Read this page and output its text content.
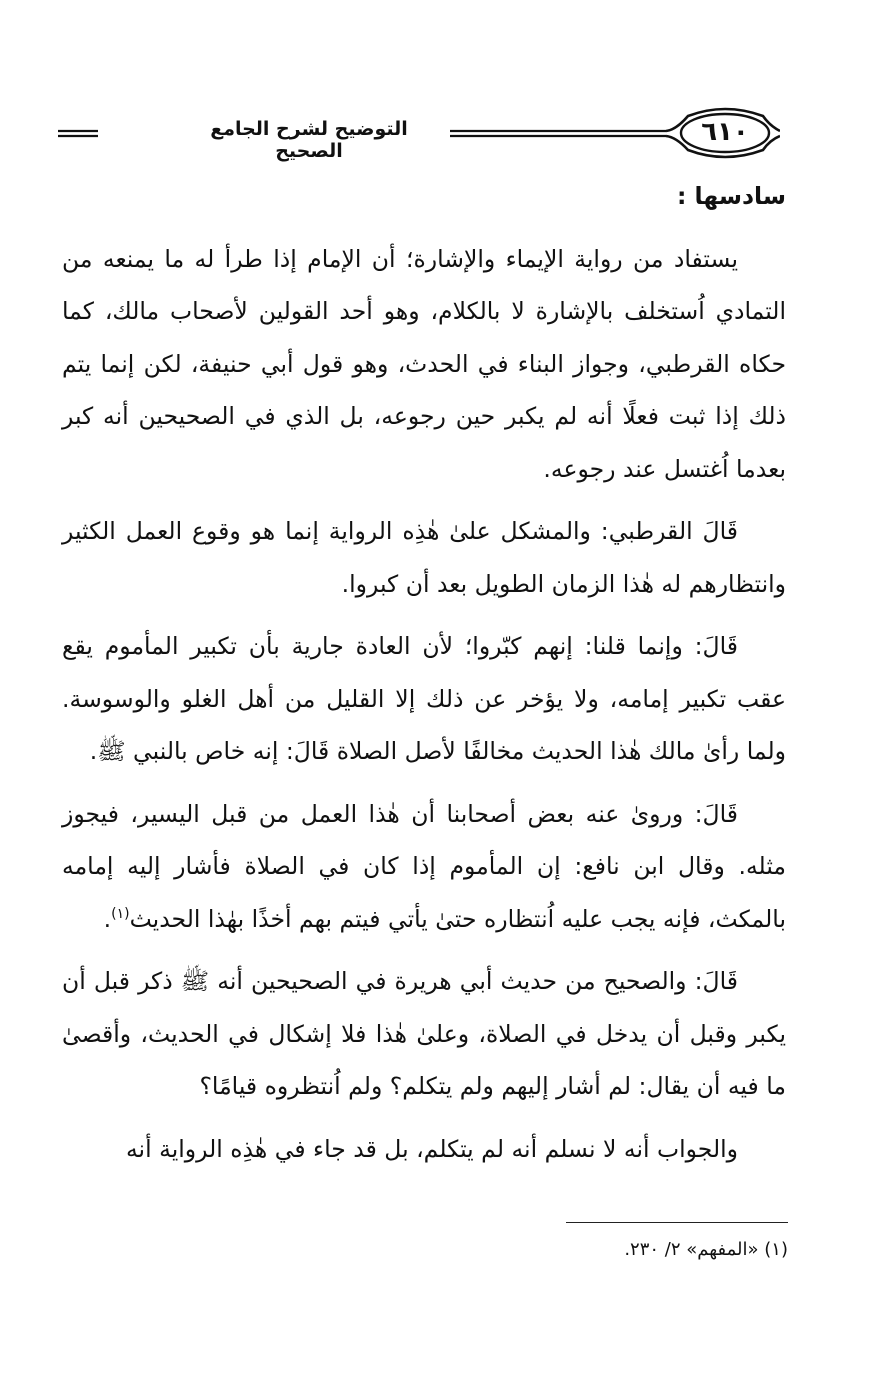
التوضيح لشرح الجامع الصحيح
٦١٠
سادسها :

يستفاد من رواية الإيماء والإشارة؛ أن الإمام إذا طرأ له ما يمنعه من التمادي اُستخلف بالإشارة لا بالكلام، وهو أحد القولين لأصحاب مالك، كما حكاه القرطبي، وجواز البناء في الحدث، وهو قول أبي حنيفة، لكن إنما يتم ذلك إذا ثبت فعلًا أنه لم يكبر حين رجوعه، بل الذي في الصحيحين أنه كبر بعدما اُغتسل عند رجوعه.

قَالَ القرطبي: والمشكل علىٰ هٰذِه الرواية إنما هو وقوع العمل الكثير وانتظارهم له هٰذا الزمان الطويل بعد أن كبروا.

قَالَ: وإنما قلنا: إنهم كبّروا؛ لأن العادة جارية بأن تكبير المأموم يقع عقب تكبير إمامه، ولا يؤخر عن ذلك إلا القليل من أهل الغلو والوسوسة. ولما رأىٰ مالك هٰذا الحديث مخالفًا لأصل الصلاة قَالَ: إنه خاص بالنبي ﷺ.

قَالَ: وروىٰ عنه بعض أصحابنا أن هٰذا العمل من قبل اليسير، فيجوز مثله. وقال ابن نافع: إن المأموم إذا كان في الصلاة فأشار إليه إمامه بالمكث، فإنه يجب عليه اُنتظاره حتىٰ يأتي فيتم بهم أخذًا بهٰذا الحديث$^{(١)}$.

قَالَ: والصحيح من حديث أبي هريرة في الصحيحين أنه ﷺ ذكر قبل أن يكبر وقبل أن يدخل في الصلاة، وعلىٰ هٰذا فلا إشكال في الحديث، وأقصىٰ ما فيه أن يقال: لم أشار إليهم ولم يتكلم؟ ولم اُنتظروه قيامًا؟

والجواب أنه لا نسلم أنه لم يتكلم، بل قد جاء في هٰذِه الرواية أنه

(١) «المفهم» ٢/ ٢٣٠.
